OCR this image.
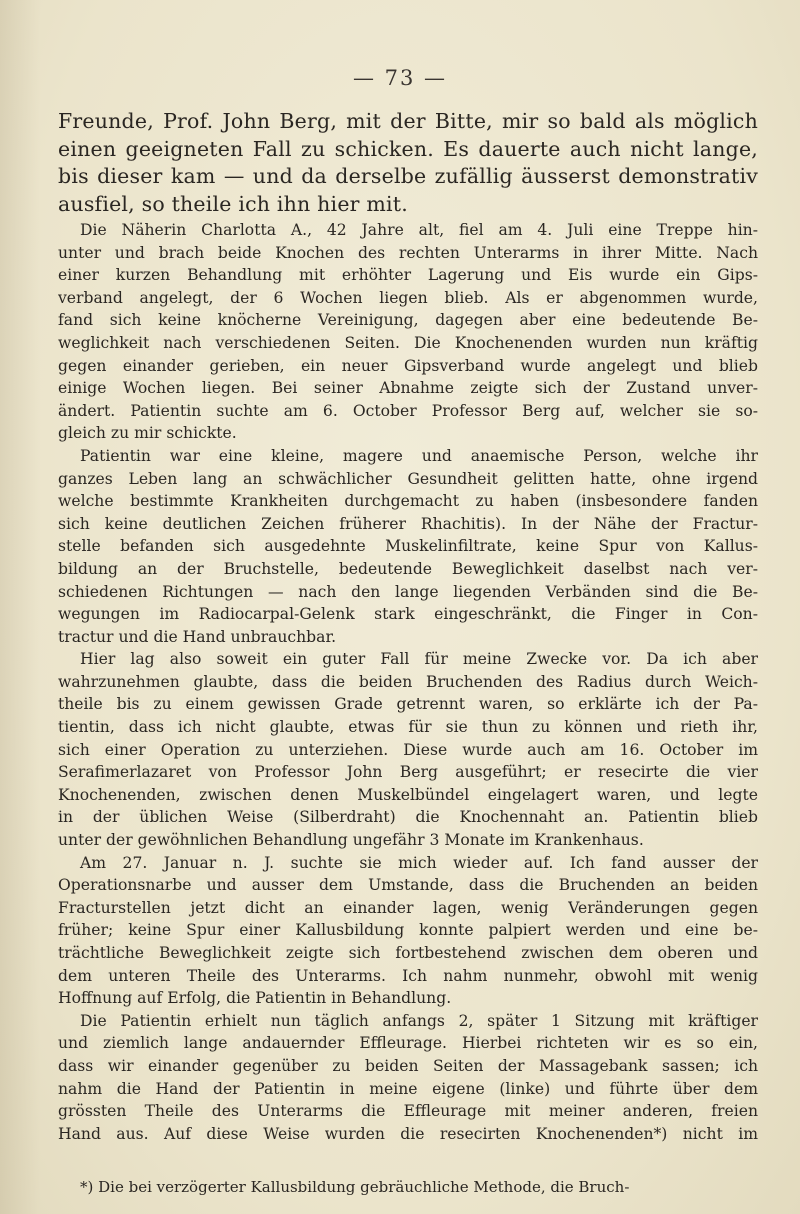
— 73 —
Freunde, Prof. John Berg, mit der Bitte, mir so bald als möglich
einen geeigneten Fall zu schicken. Es dauerte auch nicht lange,
bis dieser kam — und da derselbe zufällig äusserst demonstrativ
ausfiel, so theile ich ihn hier mit.
Die Näherin Charlotta A., 42 Jahre alt, fiel am 4. Juli eine Treppe hin-
unter und brach beide Knochen des rechten Unterarms in ihrer Mitte. Nach
einer kurzen Behandlung mit erhöhter Lagerung und Eis wurde ein Gips-
verband angelegt, der 6 Wochen liegen blieb. Als er abgenommen wurde,
fand sich keine knöcherne Vereinigung, dagegen aber eine bedeutende Be-
weglichkeit nach verschiedenen Seiten. Die Knochenenden wurden nun kräftig
gegen einander gerieben, ein neuer Gipsverband wurde angelegt und blieb
einige Wochen liegen. Bei seiner Abnahme zeigte sich der Zustand unver-
ändert. Patientin suchte am 6. October Professor Berg auf, welcher sie so-
gleich zu mir schickte.
Patientin war eine kleine, magere und anaemische Person, welche ihr
ganzes Leben lang an schwächlicher Gesundheit gelitten hatte, ohne irgend
welche bestimmte Krankheiten durchgemacht zu haben (insbesondere fanden
sich keine deutlichen Zeichen früherer Rhachitis). In der Nähe der Fractur-
stelle befanden sich ausgedehnte Muskelinfiltrate, keine Spur von Kallus-
bildung an der Bruchstelle, bedeutende Beweglichkeit daselbst nach ver-
schiedenen Richtungen — nach den lange liegenden Verbänden sind die Be-
wegungen im Radiocarpal-Gelenk stark eingeschränkt, die Finger in Con-
tractur und die Hand unbrauchbar.
Hier lag also soweit ein guter Fall für meine Zwecke vor. Da ich aber
wahrzunehmen glaubte, dass die beiden Bruchenden des Radius durch Weich-
theile bis zu einem gewissen Grade getrennt waren, so erklärte ich der Pa-
tientin, dass ich nicht glaubte, etwas für sie thun zu können und rieth ihr,
sich einer Operation zu unterziehen. Diese wurde auch am 16. October im
Serafimerlazaret von Professor John Berg ausgeführt; er resecirte die vier
Knochenenden, zwischen denen Muskelbündel eingelagert waren, und legte
in der üblichen Weise (Silberdraht) die Knochennaht an. Patientin blieb
unter der gewöhnlichen Behandlung ungefähr 3 Monate im Krankenhaus.
Am 27. Januar n. J. suchte sie mich wieder auf. Ich fand ausser der
Operationsnarbe und ausser dem Umstande, dass die Bruchenden an beiden
Fracturstellen jetzt dicht an einander lagen, wenig Veränderungen gegen
früher; keine Spur einer Kallusbildung konnte palpiert werden und eine be-
trächtliche Beweglichkeit zeigte sich fortbestehend zwischen dem oberen und
dem unteren Theile des Unterarms. Ich nahm nunmehr, obwohl mit wenig
Hoffnung auf Erfolg, die Patientin in Behandlung.
Die Patientin erhielt nun täglich anfangs 2, später 1 Sitzung mit kräftiger
und ziemlich lange andauernder Effleurage. Hierbei richteten wir es so ein,
dass wir einander gegenüber zu beiden Seiten der Massagebank sassen; ich
nahm die Hand der Patientin in meine eigene (linke) und führte über dem
grössten Theile des Unterarms die Effleurage mit meiner anderen, freien
Hand aus. Auf diese Weise wurden die resecirten Knochenenden*) nicht im
*) Die bei verzögerter Kallusbildung gebräuchliche Methode, die Bruch-
